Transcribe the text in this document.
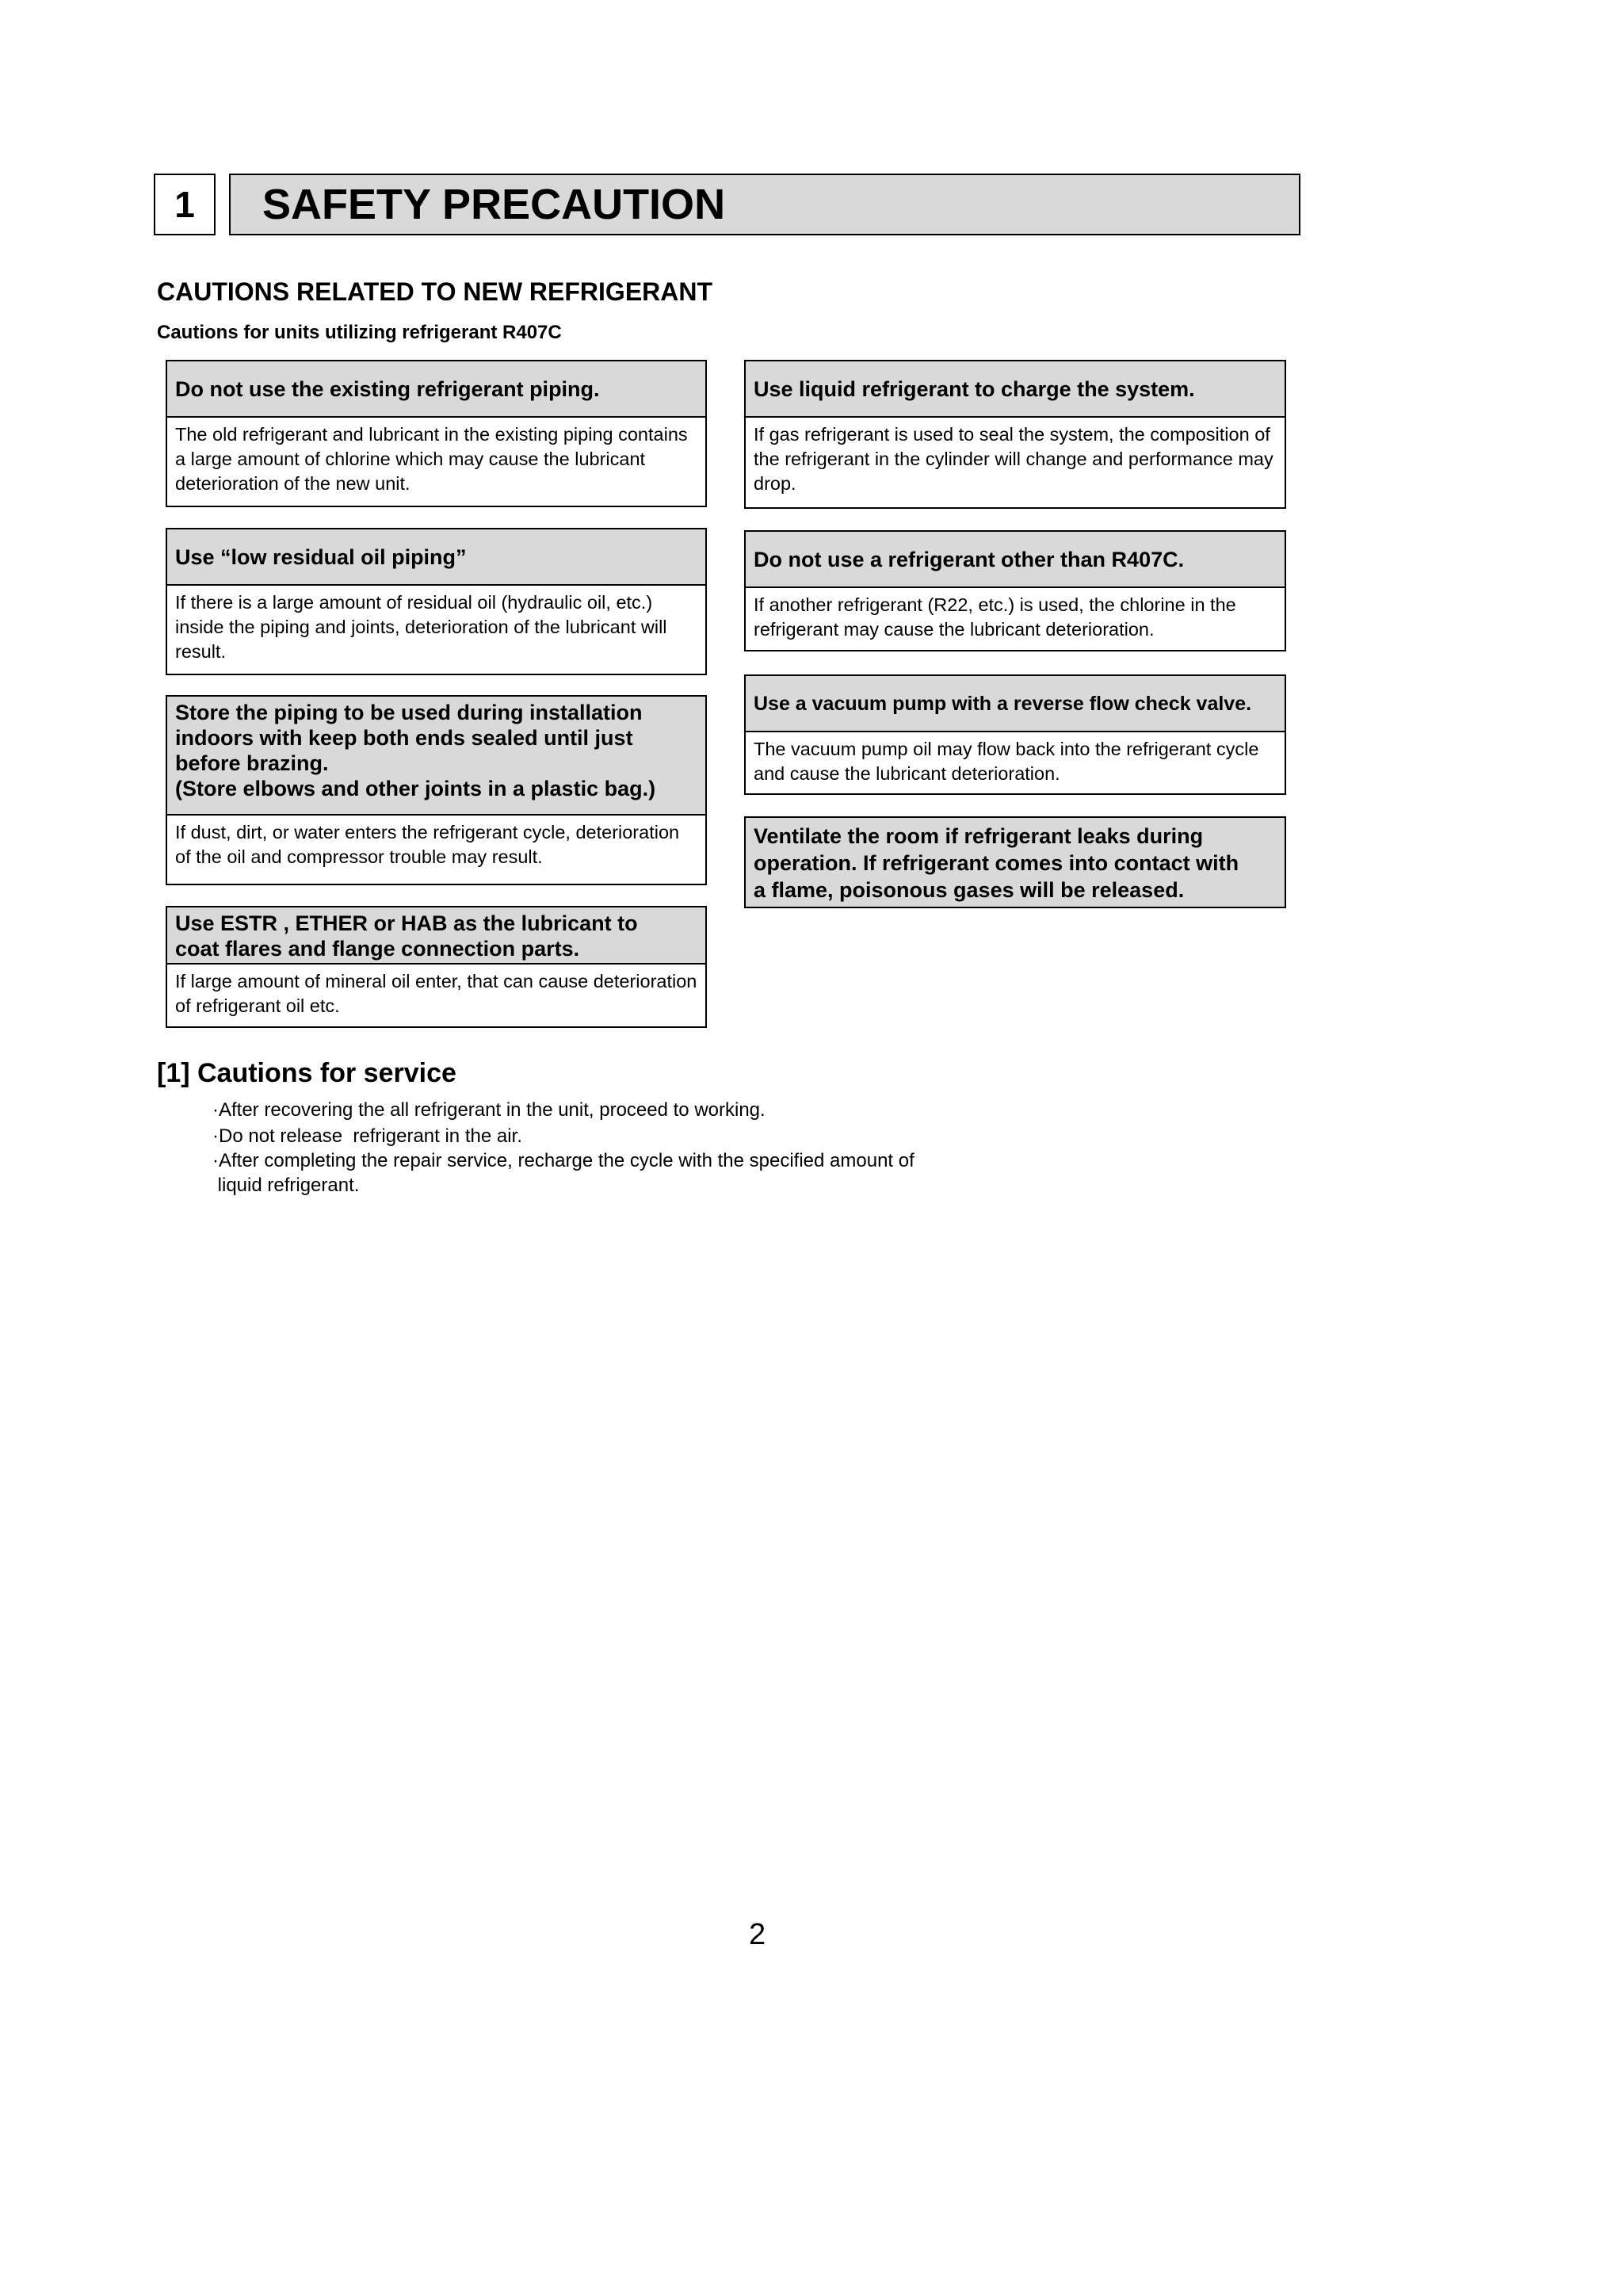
1	SAFETY PRECAUTION
CAUTIONS RELATED TO NEW REFRIGERANT
Cautions for units utilizing refrigerant R407C
Do not use the existing refrigerant piping.
The old refrigerant and lubricant in the existing piping contains a large amount of chlorine which may cause the lubricant deterioration of the new unit.
Use “low residual oil piping”
If there is a large amount of residual oil (hydraulic oil, etc.) inside the piping and joints, deterioration of the lubricant will result.
Store the piping to be used during installation
indoors with keep both ends sealed until just
before brazing.
(Store elbows and other joints in a plastic bag.)
If dust, dirt, or water enters the refrigerant cycle, deterioration of the oil and compressor trouble may result.
Use ESTR , ETHER or HAB as the lubricant to
coat flares and flange connection parts.
If large amount of mineral oil enter, that can cause deterioration of refrigerant oil etc.
Use liquid refrigerant to charge the system.
If gas refrigerant is used to seal the system, the composition of the refrigerant in the cylinder will change and performance may drop.
Do not use a refrigerant other than R407C.
If another refrigerant (R22, etc.) is used, the chlorine in the refrigerant may cause the lubricant deterioration.
Use a vacuum pump with a reverse flow check valve.
The vacuum pump oil may flow back into the refrigerant cycle and cause the lubricant deterioration.
Ventilate the room if refrigerant leaks during
operation. If refrigerant comes into contact with
a flame, poisonous gases will be released.
[1] Cautions for service
·After recovering the all refrigerant in the unit, proceed to working.
·Do not release  refrigerant in the air.
·After completing the repair service, recharge the cycle with the specified amount of
liquid refrigerant.
2
